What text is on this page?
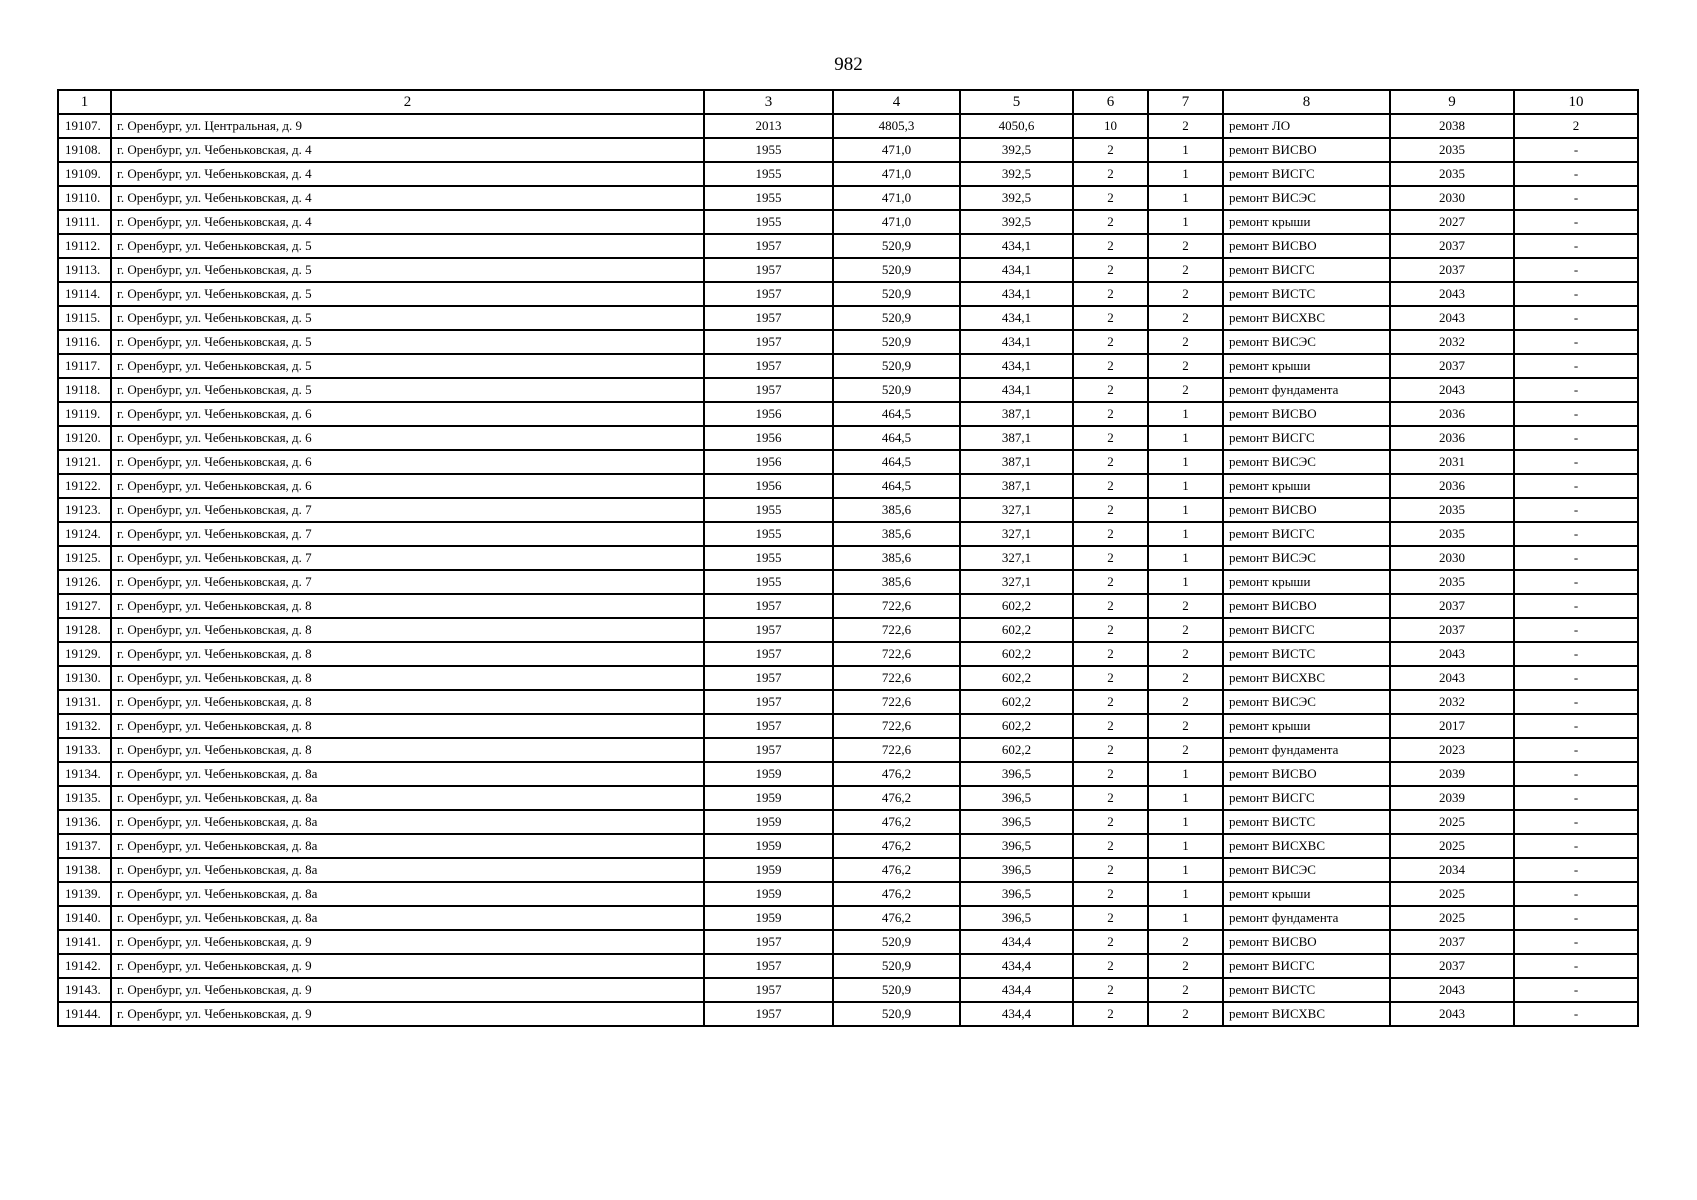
982
1	2	3	4	5	6	7	8	9	10
19107.	г. Оренбург, ул. Центральная, д. 9	2013	4805,3	4050,6	10	2	ремонт ЛО	2038	2
19108.	г. Оренбург, ул. Чебеньковская, д. 4	1955	471,0	392,5	2	1	ремонт ВИСВО	2035	-
19109.	г. Оренбург, ул. Чебеньковская, д. 4	1955	471,0	392,5	2	1	ремонт ВИСГС	2035	-
19110.	г. Оренбург, ул. Чебеньковская, д. 4	1955	471,0	392,5	2	1	ремонт ВИСЭС	2030	-
19111.	г. Оренбург, ул. Чебеньковская, д. 4	1955	471,0	392,5	2	1	ремонт крыши	2027	-
19112.	г. Оренбург, ул. Чебеньковская, д. 5	1957	520,9	434,1	2	2	ремонт ВИСВО	2037	-
19113.	г. Оренбург, ул. Чебеньковская, д. 5	1957	520,9	434,1	2	2	ремонт ВИСГС	2037	-
19114.	г. Оренбург, ул. Чебеньковская, д. 5	1957	520,9	434,1	2	2	ремонт ВИСТС	2043	-
19115.	г. Оренбург, ул. Чебеньковская, д. 5	1957	520,9	434,1	2	2	ремонт ВИСХВС	2043	-
19116.	г. Оренбург, ул. Чебеньковская, д. 5	1957	520,9	434,1	2	2	ремонт ВИСЭС	2032	-
19117.	г. Оренбург, ул. Чебеньковская, д. 5	1957	520,9	434,1	2	2	ремонт крыши	2037	-
19118.	г. Оренбург, ул. Чебеньковская, д. 5	1957	520,9	434,1	2	2	ремонт фундамента	2043	-
19119.	г. Оренбург, ул. Чебеньковская, д. 6	1956	464,5	387,1	2	1	ремонт ВИСВО	2036	-
19120.	г. Оренбург, ул. Чебеньковская, д. 6	1956	464,5	387,1	2	1	ремонт ВИСГС	2036	-
19121.	г. Оренбург, ул. Чебеньковская, д. 6	1956	464,5	387,1	2	1	ремонт ВИСЭС	2031	-
19122.	г. Оренбург, ул. Чебеньковская, д. 6	1956	464,5	387,1	2	1	ремонт крыши	2036	-
19123.	г. Оренбург, ул. Чебеньковская, д. 7	1955	385,6	327,1	2	1	ремонт ВИСВО	2035	-
19124.	г. Оренбург, ул. Чебеньковская, д. 7	1955	385,6	327,1	2	1	ремонт ВИСГС	2035	-
19125.	г. Оренбург, ул. Чебеньковская, д. 7	1955	385,6	327,1	2	1	ремонт ВИСЭС	2030	-
19126.	г. Оренбург, ул. Чебеньковская, д. 7	1955	385,6	327,1	2	1	ремонт крыши	2035	-
19127.	г. Оренбург, ул. Чебеньковская, д. 8	1957	722,6	602,2	2	2	ремонт ВИСВО	2037	-
19128.	г. Оренбург, ул. Чебеньковская, д. 8	1957	722,6	602,2	2	2	ремонт ВИСГС	2037	-
19129.	г. Оренбург, ул. Чебеньковская, д. 8	1957	722,6	602,2	2	2	ремонт ВИСТС	2043	-
19130.	г. Оренбург, ул. Чебеньковская, д. 8	1957	722,6	602,2	2	2	ремонт ВИСХВС	2043	-
19131.	г. Оренбург, ул. Чебеньковская, д. 8	1957	722,6	602,2	2	2	ремонт ВИСЭС	2032	-
19132.	г. Оренбург, ул. Чебеньковская, д. 8	1957	722,6	602,2	2	2	ремонт крыши	2017	-
19133.	г. Оренбург, ул. Чебеньковская, д. 8	1957	722,6	602,2	2	2	ремонт фундамента	2023	-
19134.	г. Оренбург, ул. Чебеньковская, д. 8а	1959	476,2	396,5	2	1	ремонт ВИСВО	2039	-
19135.	г. Оренбург, ул. Чебеньковская, д. 8а	1959	476,2	396,5	2	1	ремонт ВИСГС	2039	-
19136.	г. Оренбург, ул. Чебеньковская, д. 8а	1959	476,2	396,5	2	1	ремонт ВИСТС	2025	-
19137.	г. Оренбург, ул. Чебеньковская, д. 8а	1959	476,2	396,5	2	1	ремонт ВИСХВС	2025	-
19138.	г. Оренбург, ул. Чебеньковская, д. 8а	1959	476,2	396,5	2	1	ремонт ВИСЭС	2034	-
19139.	г. Оренбург, ул. Чебеньковская, д. 8а	1959	476,2	396,5	2	1	ремонт крыши	2025	-
19140.	г. Оренбург, ул. Чебеньковская, д. 8а	1959	476,2	396,5	2	1	ремонт фундамента	2025	-
19141.	г. Оренбург, ул. Чебеньковская, д. 9	1957	520,9	434,4	2	2	ремонт ВИСВО	2037	-
19142.	г. Оренбург, ул. Чебеньковская, д. 9	1957	520,9	434,4	2	2	ремонт ВИСГС	2037	-
19143.	г. Оренбург, ул. Чебеньковская, д. 9	1957	520,9	434,4	2	2	ремонт ВИСТС	2043	-
19144.	г. Оренбург, ул. Чебеньковская, д. 9	1957	520,9	434,4	2	2	ремонт ВИСХВС	2043	-
